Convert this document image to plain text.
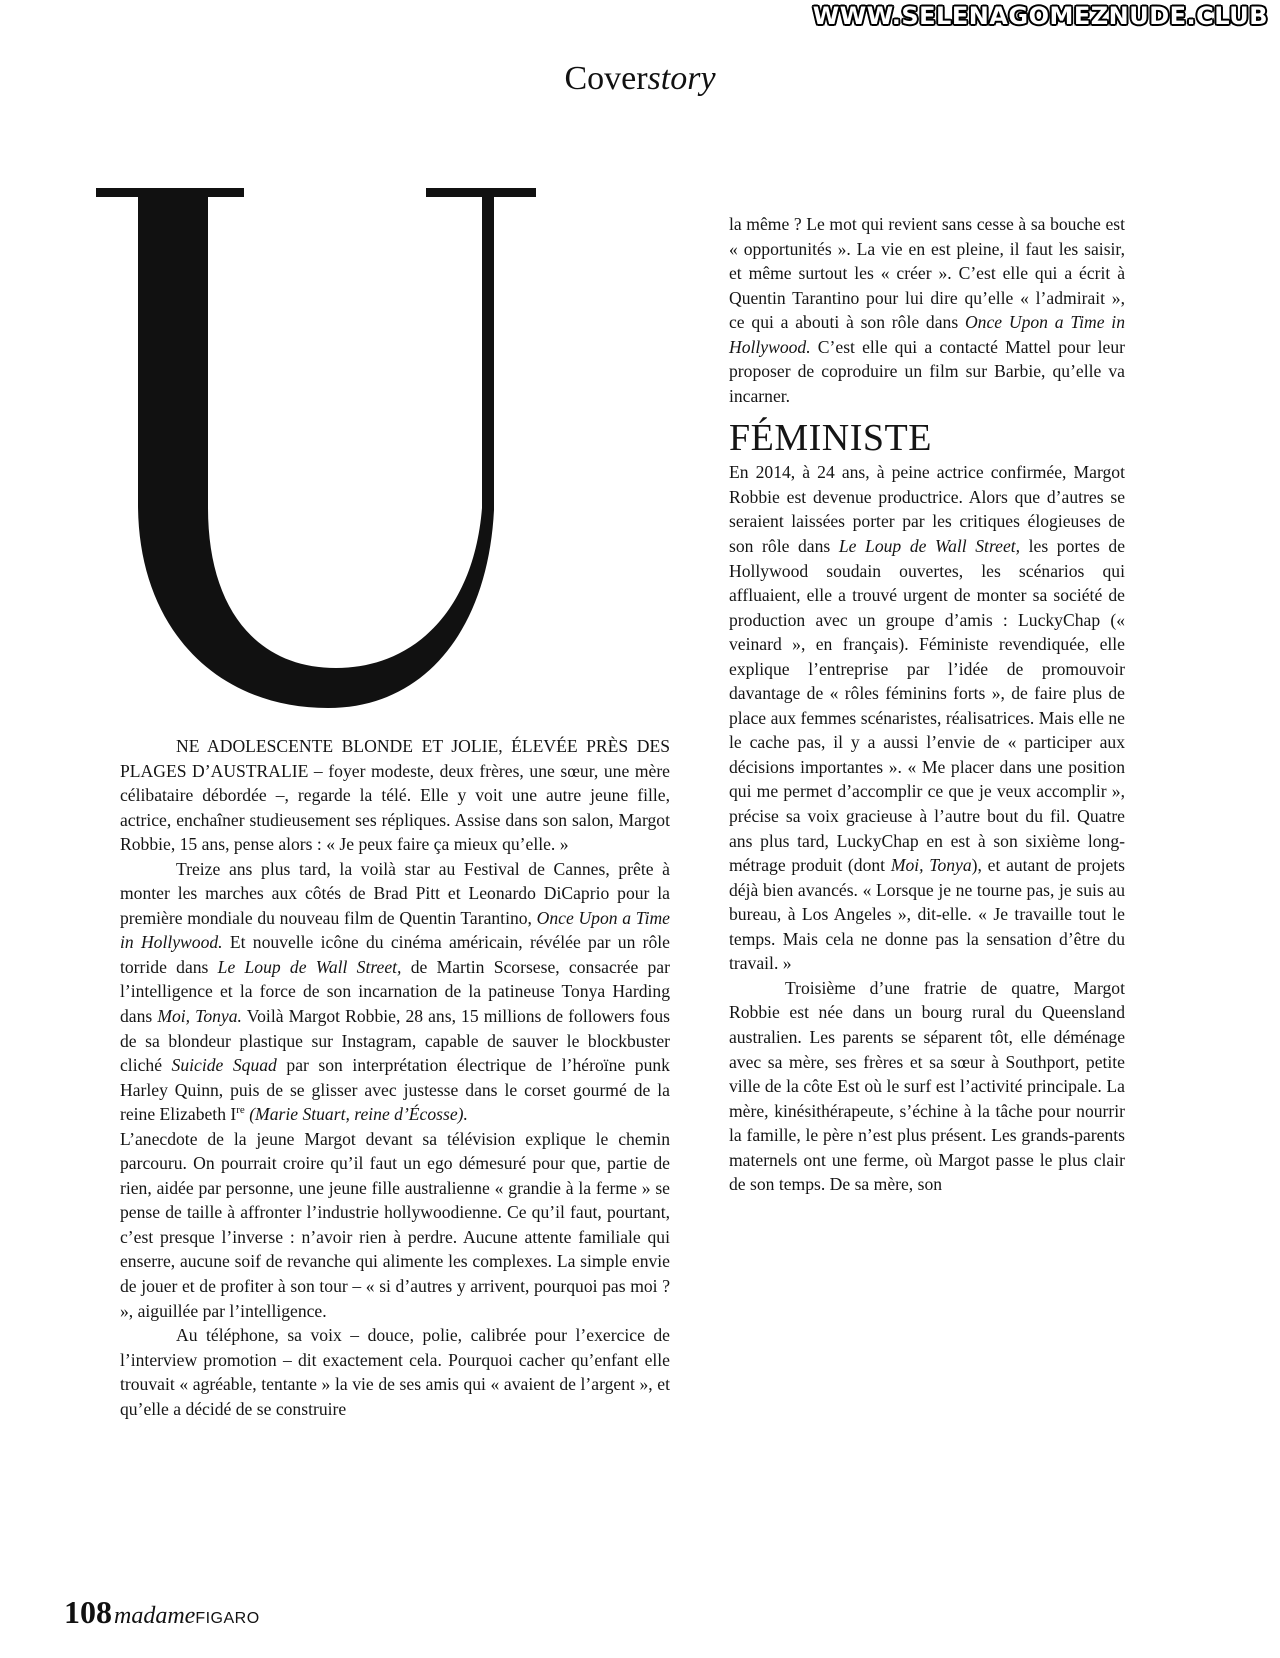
WWW.SELENAGOMEZNUDE.CLUB
Coverstory

NE ADOLESCENTE BLONDE ET JOLIE, ÉLEVÉE PRÈS DES PLAGES D’AUSTRALIE – foyer modeste, deux frères, une sœur, une mère célibataire débordée –, regarde la télé. Elle y voit une autre jeune fille, actrice, enchaîner studieusement ses répliques. Assise dans son salon, Margot Robbie, 15 ans, pense alors : « Je peux faire ça mieux qu’elle. »

Treize ans plus tard, la voilà star au Festival de Cannes, prête à monter les marches aux côtés de Brad Pitt et Leonardo DiCaprio pour la première mondiale du nouveau film de Quentin Tarantino, Once Upon a Time in Hollywood. Et nouvelle icône du cinéma américain, révélée par un rôle torride dans Le Loup de Wall Street, de Martin Scorsese, consacrée par l’intelligence et la force de son incarnation de la patineuse Tonya Harding dans Moi, Tonya. Voilà Margot Robbie, 28 ans, 15 millions de followers fous de sa blondeur plastique sur Instagram, capable de sauver le blockbuster cliché Suicide Squad par son interprétation électrique de l’héroïne punk Harley Quinn, puis de se glisser avec justesse dans le corset gourmé de la reine Elizabeth Ire (Marie Stuart, reine d’Écosse).

L’anecdote de la jeune Margot devant sa télévision explique le chemin parcouru. On pourrait croire qu’il faut un ego démesuré pour que, partie de rien, aidée par personne, une jeune fille australienne « grandie à la ferme » se pense de taille à affronter l’industrie hollywoodienne. Ce qu’il faut, pourtant, c’est presque l’inverse : n’avoir rien à perdre. Aucune attente familiale qui enserre, aucune soif de revanche qui alimente les complexes. La simple envie de jouer et de profiter à son tour – « si d’autres y arrivent, pourquoi pas moi ? », aiguillée par l’intelligence.

Au téléphone, sa voix – douce, polie, calibrée pour l’exercice de l’interview promotion – dit exactement cela. Pourquoi cacher qu’enfant elle trouvait « agréable, tentante » la vie de ses amis qui « avaient de l’argent », et qu’elle a décidé de se construire

la même ? Le mot qui revient sans cesse à sa bouche est « opportunités ». La vie en est pleine, il faut les saisir, et même surtout les « créer ». C’est elle qui a écrit à Quentin Tarantino pour lui dire qu’elle « l’admirait », ce qui a abouti à son rôle dans Once Upon a Time in Hollywood. C’est elle qui a contacté Mattel pour leur proposer de coproduire un film sur Barbie, qu’elle va incarner.

FÉMINISTE

En 2014, à 24 ans, à peine actrice confirmée, Margot Robbie est devenue productrice. Alors que d’autres se seraient laissées porter par les critiques élogieuses de son rôle dans Le Loup de Wall Street, les portes de Hollywood soudain ouvertes, les scénarios qui affluaient, elle a trouvé urgent de monter sa société de production avec un groupe d’amis : LuckyChap (« veinard », en français). Féministe revendiquée, elle explique l’entreprise par l’idée de promouvoir davantage de « rôles féminins forts », de faire plus de place aux femmes scénaristes, réalisatrices. Mais elle ne le cache pas, il y a aussi l’envie de « participer aux décisions importantes ». « Me placer dans une position qui me permet d’accomplir ce que je veux accomplir », précise sa voix gracieuse à l’autre bout du fil. Quatre ans plus tard, LuckyChap en est à son sixième long-métrage produit (dont Moi, Tonya), et autant de projets déjà bien avancés. « Lorsque je ne tourne pas, je suis au bureau, à Los Angeles », dit-elle. « Je travaille tout le temps. Mais cela ne donne pas la sensation d’être du travail. »

Troisième d’une fratrie de quatre, Margot Robbie est née dans un bourg rural du Queensland australien. Les parents se séparent tôt, elle déménage avec sa mère, ses frères et sa sœur à Southport, petite ville de la côte Est où le surf est l’activité principale. La mère, kinésithérapeute, s’échine à la tâche pour nourrir la famille, le père n’est plus présent. Les grands-parents maternels ont une ferme, où Margot passe le plus clair de son temps. De sa mère, son

108 madame FIGARO
